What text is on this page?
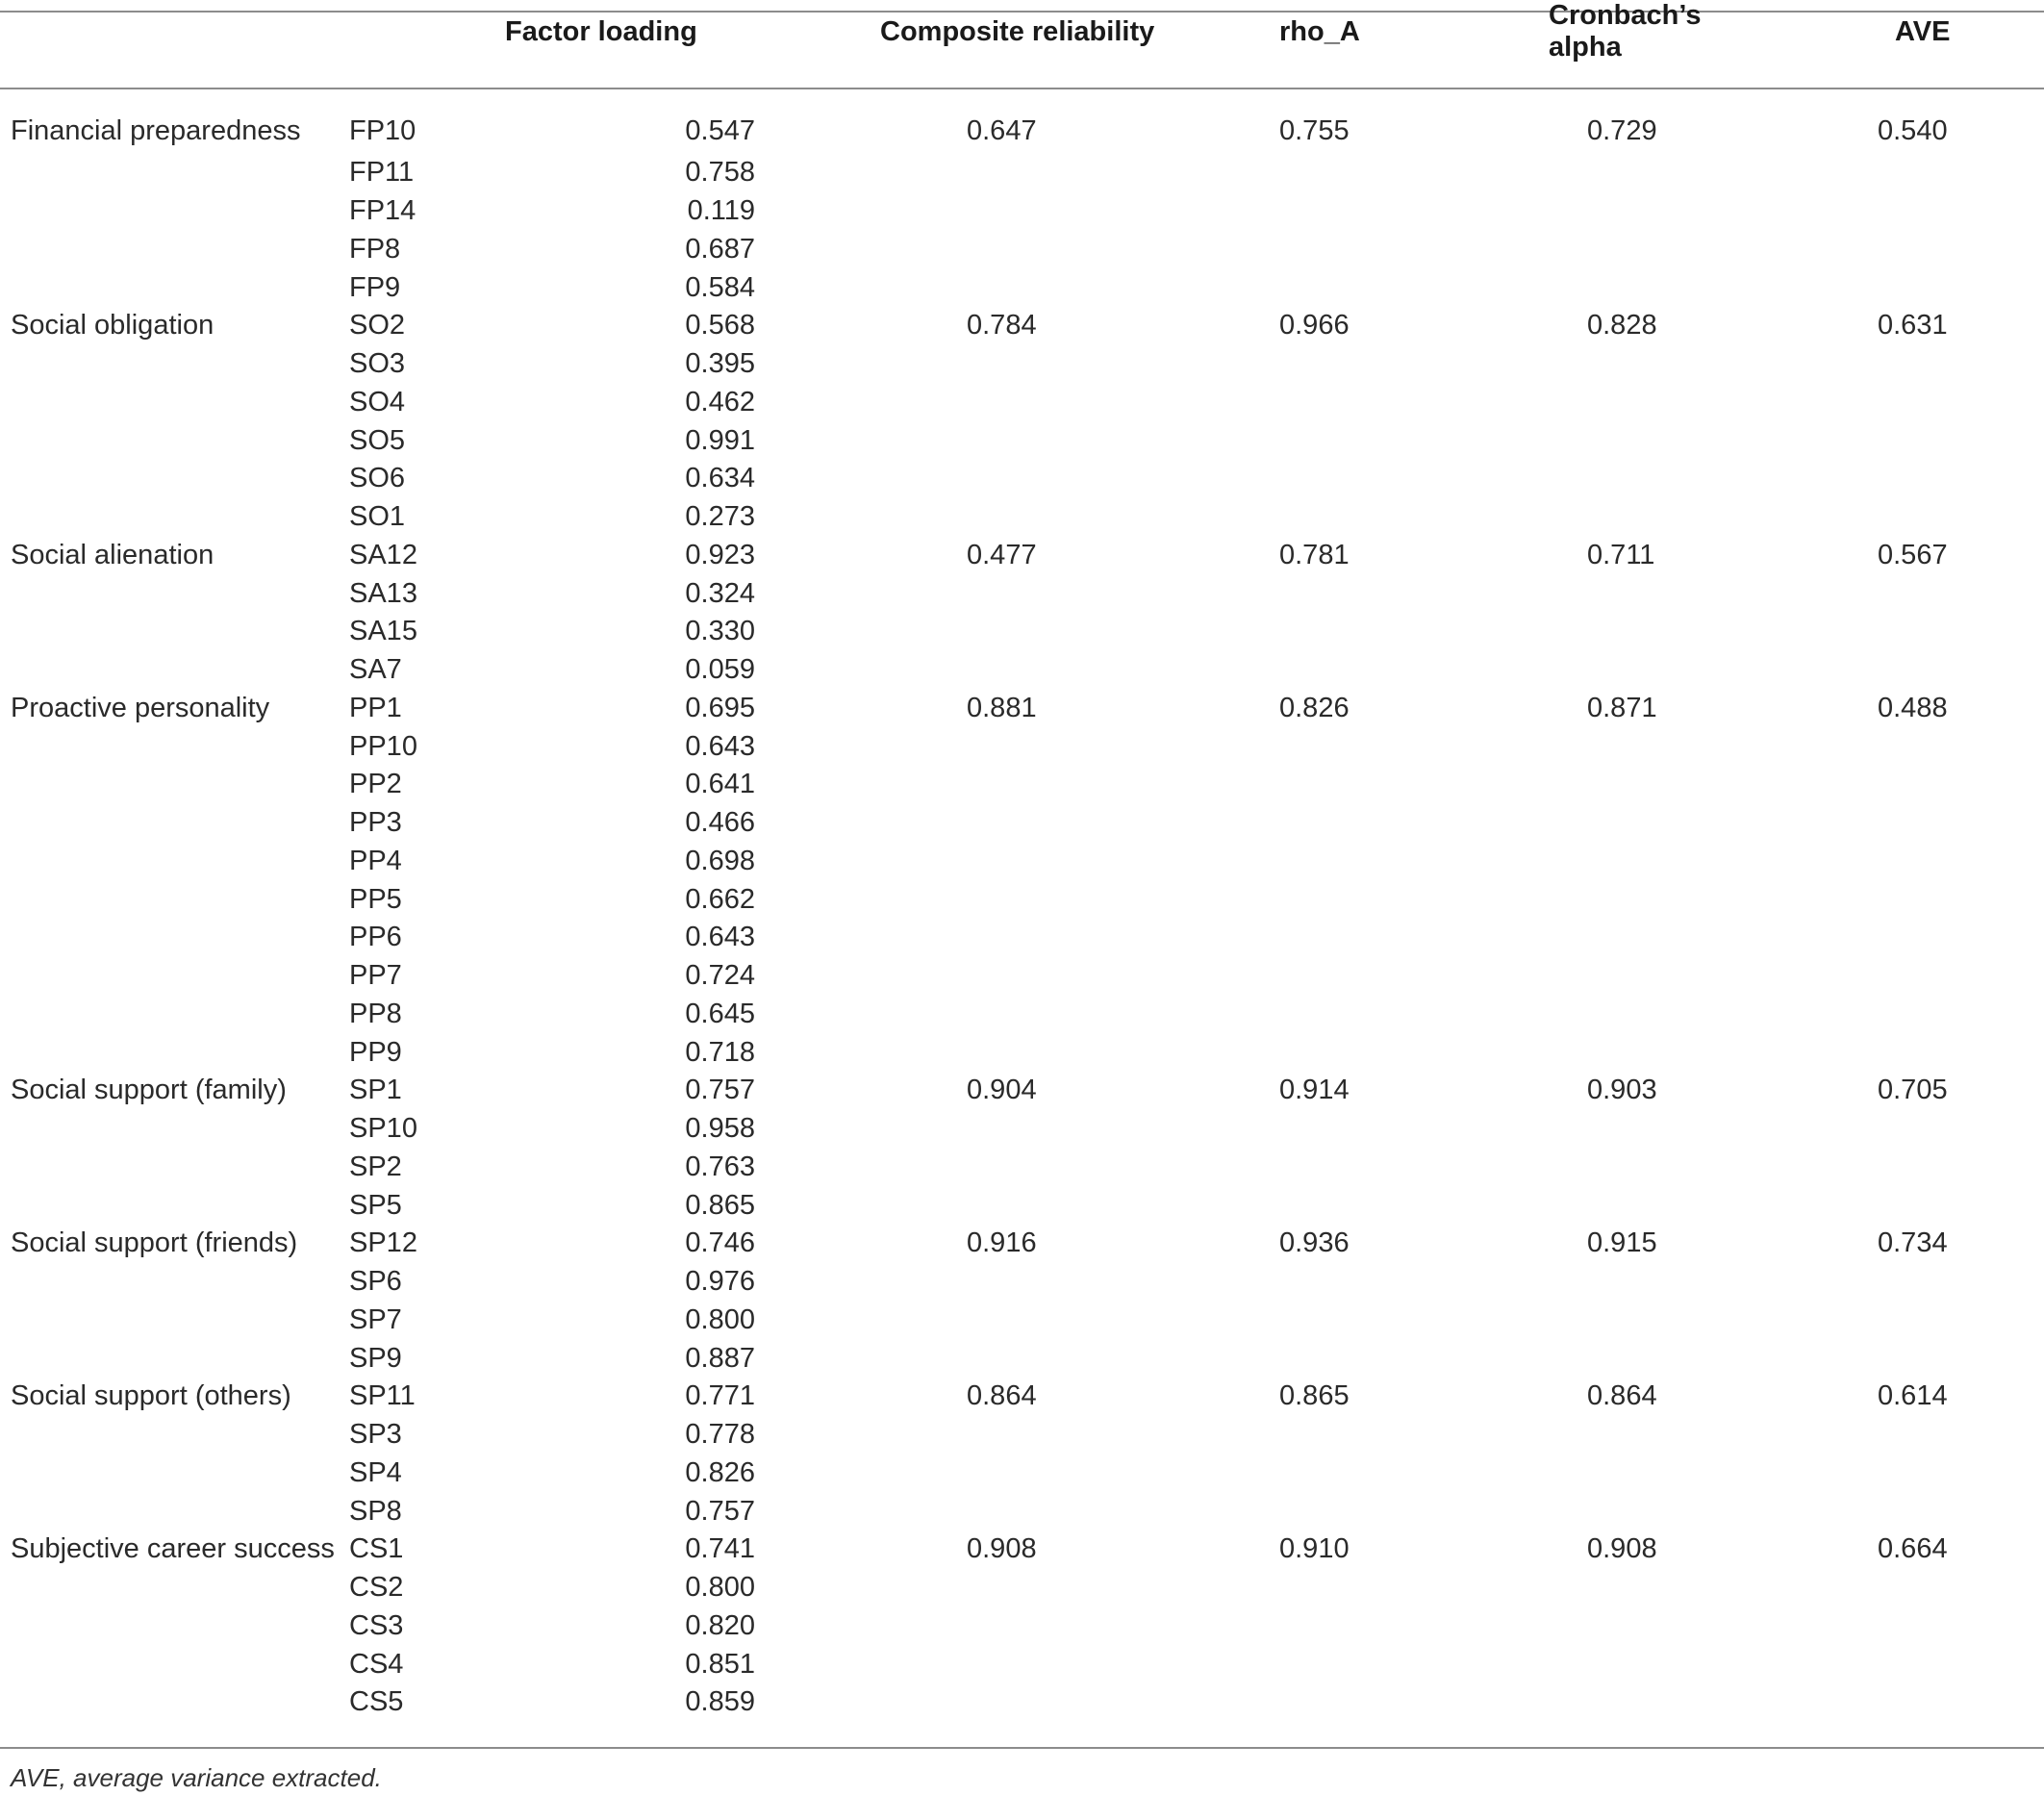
		Factor loading	Composite reliability	rho_A	Cronbach’s alpha	AVE
Financial preparedness	FP10	0.547	0.647	0.755	0.729	0.540
	FP11	0.758				
	FP14	0.119				
	FP8	0.687				
	FP9	0.584				
Social obligation	SO2	0.568	0.784	0.966	0.828	0.631
	SO3	0.395				
	SO4	0.462				
	SO5	0.991				
	SO6	0.634				
	SO1	0.273				
Social alienation	SA12	0.923	0.477	0.781	0.711	0.567
	SA13	0.324				
	SA15	0.330				
	SA7	0.059				
Proactive personality	PP1	0.695	0.881	0.826	0.871	0.488
	PP10	0.643				
	PP2	0.641				
	PP3	0.466				
	PP4	0.698				
	PP5	0.662				
	PP6	0.643				
	PP7	0.724				
	PP8	0.645				
	PP9	0.718				
Social support (family)	SP1	0.757	0.904	0.914	0.903	0.705
	SP10	0.958				
	SP2	0.763				
	SP5	0.865				
Social support (friends)	SP12	0.746	0.916	0.936	0.915	0.734
	SP6	0.976				
	SP7	0.800				
	SP9	0.887				
Social support (others)	SP11	0.771	0.864	0.865	0.864	0.614
	SP3	0.778				
	SP4	0.826				
	SP8	0.757				
Subjective career success	CS1	0.741	0.908	0.910	0.908	0.664
	CS2	0.800				
	CS3	0.820				
	CS4	0.851				
	CS5	0.859				
AVE, average variance extracted.
